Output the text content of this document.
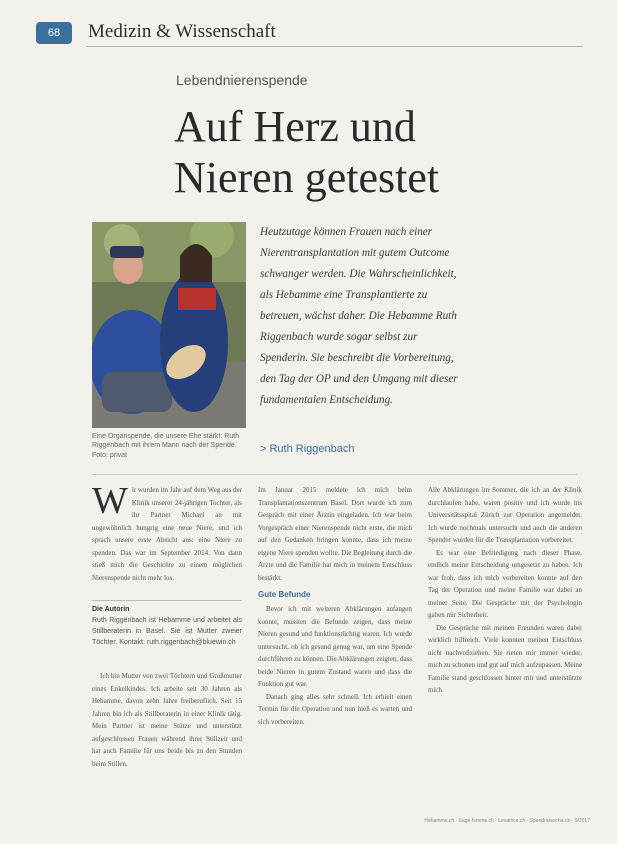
68	Medizin & Wissenschaft
Lebendnierenspende
Auf Herz und
Nieren getestet
Eine Organspende, die unsere Ehe stärkt: Ruth Riggenbach mit ihrem Mann nach der Spende. Foto: privat
Heutzutage können Frauen nach einer Nierentransplantation mit gutem Outcome schwanger werden. Die Wahrscheinlichkeit, als Hebamme eine Transplantierte zu betreuen, wächst daher. Die Hebamme Ruth Riggenbach wurde sogar selbst zur Spenderin. Sie beschreibt die Vorbereitung, den Tag der OP und den Umgang mit dieser fundamentalen Entscheidung.
> Ruth Riggenbach

Wir wurden im Jahr auf dem Weg aus der Klinik unserer 24-jährigen Tochter, als ihr Partner Michael an mit ungewöhnlich hungrig eine neue Niere, und ich sprach unsere erste Absicht aus: eine Niere zu spenden. Das war im September 2014. Von dann stieß mich die Geschichte zu einem möglichen Nierenspende nicht mehr los.

Die Autorin
Ruth Riggenbach ist Hebamme und arbeitet als Stillberaterin in Basel. Sie ist Mutter zweier Töchter. Kontakt: ruth.riggenbach@bluewin.ch

Ich bin Mutter von zwei Töchtern und Großmutter eines Enkelkindes. Ich arbeite seit 30 Jahren als Hebamme, davon zehn Jahre freiberuflich. Seit 15 Jahren bin ich als Stillberaterin in einer Klinik tätig. Mein Partner ist meine Stütze und unterstützt aufgeschlossen Frauen während ihrer Stillzeit und hat auch Familie für uns beide bis zu den Stunden beim Stillen.

Im Januar 2015 meldete ich mich beim Transplantationszentrum Basel. Dort wurde ich zum Gespräch mit einer Ärztin eingeladen. Ich war beim Vorgespräch einer Nierenspende nicht erste, die mich auf den Gedanken bringen konnte, dass ich meine eigene Niere spenden wollte. Die Begleitung durch die Ärzte und die Familie hat mich in meinem Entschluss bestärkt.

Gute Befunde

Bevor ich mit weiteren Abklärungen anfangen konnte, mussten die Befunde zeigen, dass meine Nieren gesund und funktionstüchtig waren. Ich wurde untersucht, ob ich gesund genug war, um eine Spende durchführen zu können. Die Abklärungen zeigten, dass beide Nieren in gutem Zustand waren und dass die Funktion gut war.

Danach ging alles sehr schnell. Ich erhielt einen Termin für die Operation und nun hieß es warten und sich vorbereiten.

Alle Abklärungen im Sommer, die ich an der Klinik durchlaufen habe, waren positiv und ich wurde ins Universitätsspital Zürich zur Operation angemeldet. Ich wurde nochmals untersucht und auch die anderen Spender wurden für die Transplantation vorbereitet.

Es war eine Befriedigung nach dieser Phase, endlich meine Entscheidung umgesetzt zu haben. Ich war froh, dass ich mich vorbereiten konnte auf den Tag der Operation und meine Familie war dabei an meiner Seite. Die Gespräche mit der Psychologin gaben mir Sicherheit.

Die Gespräche mit meinen Freunden waren dabei wirklich hilfreich. Viele konnten meinen Entschluss nicht nachvollziehen. Sie rieten mir immer wieder, mich zu schonen und gut auf mich aufzupassen. Meine Familie stand geschlossen hinter mir und unterstützte mich.

Hebamme.ch · Sage-femme.ch · Levatrice.ch · Spendrarescha.ch · 9/2017
